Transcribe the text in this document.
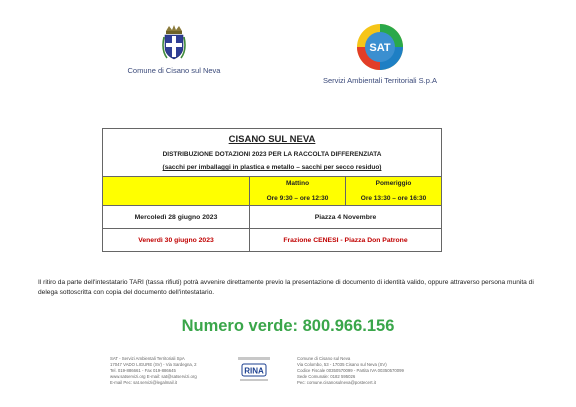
Comune di Cisano sul Neva
SAT
Servizi Ambientali Territoriali S.p.A
CISANO SUL NEVA
DISTRIBUZIONE DOTAZIONI 2023 PER LA RACCOLTA DIFFERENZIATA
(sacchi per imballaggi in plastica e metallo – sacchi per secco residuo)

Mattino
Ore 9:30 – ore 12:30

Pomeriggio
Ore 13:30 – ore 16:30

Mercoledì 28 giugno 2023	Piazza 4 Novembre
Venerdì 30 giugno 2023	Frazione CENESI - Piazza Don Patrone

Il ritiro da parte dell'intestatario TARI (tassa rifiuti) potrà avvenire direttamente previo la presentazione di documento di identità valido, oppure attraverso persona munita di delega sottoscritta con copia del documento dell'intestatario.

Numero verde: 800.966.156
SAT - Servizi Ambientali Territoriali SpA
17047 VADO LIGURE (SV) - Via Sardegna, 2
Tel. 019-886661 - Fax 019-886645
www.satservizi.org E-mail: sat@satservizi.org
E-mail Pec: sat.servizi@legalmail.it
RINA
Comune di Cisano sul Neva
Via Colombo, 53 - 17035 Cisano sul Neva (SV)
Codice Fiscale 00350570099 - Partita IVA 00350570099
Sede Comunale: 0182 595026
Pec: comune.cisanosulneva@postecert.it
